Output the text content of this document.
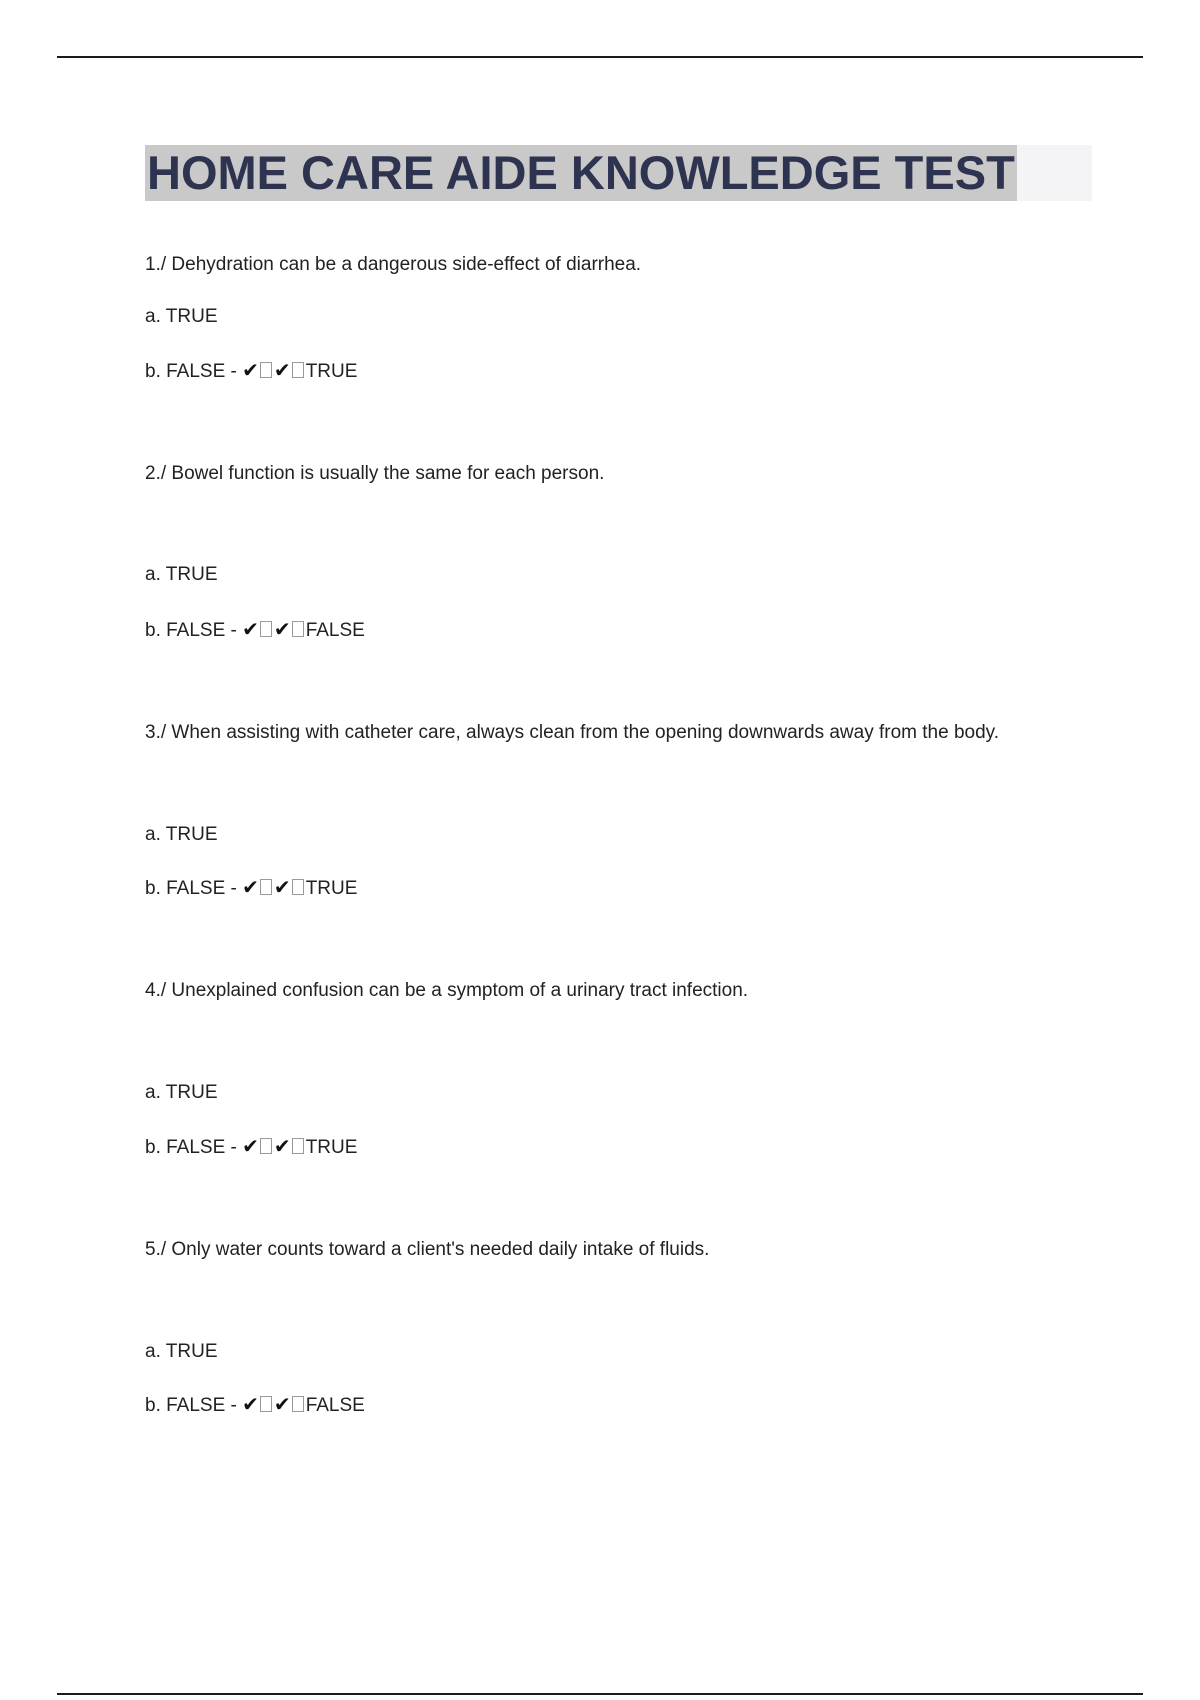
HOME CARE AIDE KNOWLEDGE TEST
1./ Dehydration can be a dangerous side-effect of diarrhea.
a. TRUE
b. FALSE - ✔ ✔ TRUE
2./ Bowel function is usually the same for each person.
a. TRUE
b. FALSE - ✔ ✔ FALSE
3./ When assisting with catheter care, always clean from the opening downwards away from the body.
a. TRUE
b. FALSE - ✔ ✔ TRUE
4./ Unexplained confusion can be a symptom of a urinary tract infection.
a. TRUE
b. FALSE - ✔ ✔ TRUE
5./ Only water counts toward a client's needed daily intake of fluids.
a. TRUE
b. FALSE - ✔ ✔ FALSE
